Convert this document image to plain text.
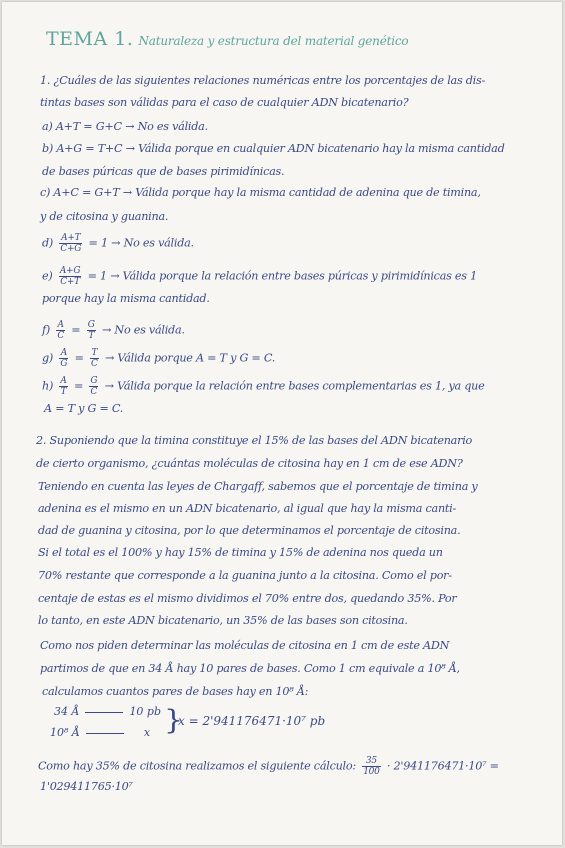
TEMA 1. Naturaleza y estructura del material genético
1. ¿Cuáles de las siguientes relaciones numéricas entre los porcentajes de las dis-
tintas bases son válidas para el caso de cualquier ADN bicatenario?
a) A+T = G+C → No es válida.
b) A+G = T+C → Válida porque en cualquier ADN bicatenario hay la misma cantidad
de bases púricas que de bases pirimidínicas.
c) A+C = G+T → Válida porque hay la misma cantidad de adenina que de timina,
y de citosina y guanina.
$d) \frac{A+T}{C+G} = 1 \to No$ es válida.
$e) \frac{A+G}{C+T} = 1$ → Válida porque la relación entre bases púricas y pirimidínicas es 1
porque hay la misma cantidad.
$f) \frac{A}{C} = \frac{G}{T} \to No$ es válida.
$g) \frac{A}{G} = \frac{T}{C}$ → Válida porque A = T y G = C.
$h) \frac{A}{T} = \frac{G}{C}$ → Válida porque la relación entre bases complementarias es 1, ya que
A = T y G = C.
2. Suponiendo que la timina constituye el 15% de las bases del ADN bicatenario
de cierto organismo, ¿cuántas moléculas de citosina hay en 1 cm de ese ADN?
Teniendo en cuenta las leyes de Chargaff, sabemos que el porcentaje de timina y
adenina es el mismo en un ADN bicatenario, al igual que hay la misma canti-
dad de guanina y citosina, por lo que determinamos el porcentaje de citosina.
Si el total es el 100% y hay 15% de timina y 15% de adenina nos queda un
70% restante que corresponde a la guanina junto a la citosina. Como el por-
centaje de estas es el mismo dividimos el 70% entre dos, quedando 35%. Por
lo tanto, en este ADN bicatenario, un 35% de las bases son citosina.
Como nos piden determinar las moléculas de citosina en 1 cm de este ADN
partimos de que en 34 Å hay 10 pares de bases. Como 1 cm equivale a 10⁸ Å,
calculamos cuantos pares de bases hay en 10⁸ Å:
34 Å	10 pb
10⁸ Å	x }
x = 2'941176471·10⁷ pb
Como hay 35% de citosina realizamos el siguiente cálculo: $\frac{35}{100} \cdot 2'941176471\cdot 10^7$ =
1'029411765·10⁷
